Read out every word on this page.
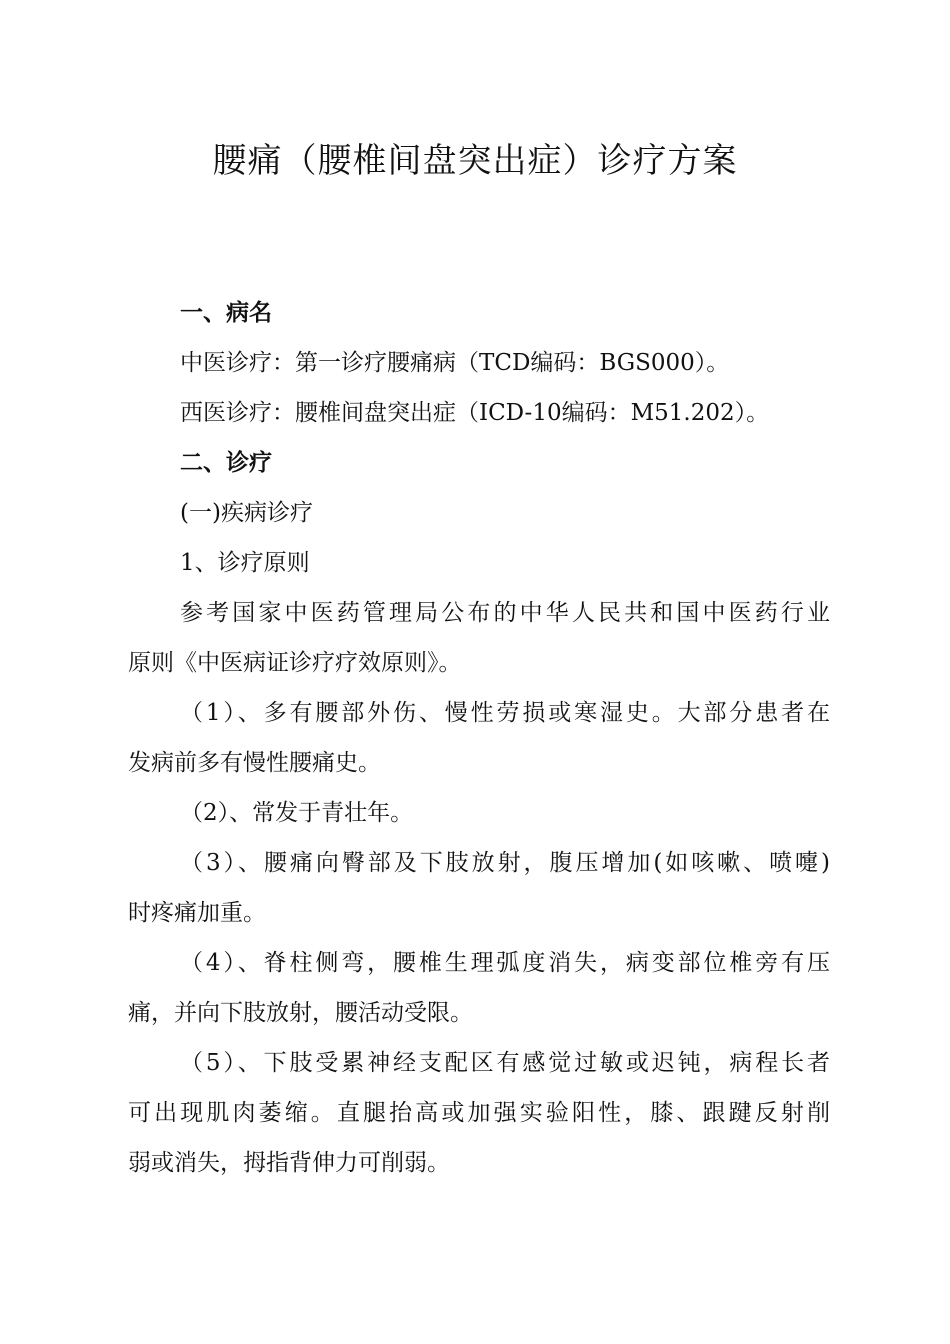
腰痛（腰椎间盘突出症）诊疗方案

一、病名

中医诊疗：第一诊疗腰痛病（TCD编码：BGS000）。

西医诊疗：腰椎间盘突出症（ICD-10编码：M51.202）。

二、诊疗

(一)疾病诊疗

1、诊疗原则

参考国家中医药管理局公布的中华人民共和国中医药行业
原则《中医病证诊疗疗效原则》。
（1）、多有腰部外伤、慢性劳损或寒湿史。大部分患者在
发病前多有慢性腰痛史。

（2）、常发于青壮年。

（3）、腰痛向臀部及下肢放射，腹压增加(如咳嗽、喷嚏)
时疼痛加重。
（4）、脊柱侧弯，腰椎生理弧度消失，病变部位椎旁有压
痛，并向下肢放射，腰活动受限。
（5）、下肢受累神经支配区有感觉过敏或迟钝，病程长者
可出现肌肉萎缩。直腿抬高或加强实验阳性，膝、跟踺反射削
弱或消失，拇指背伸力可削弱。
